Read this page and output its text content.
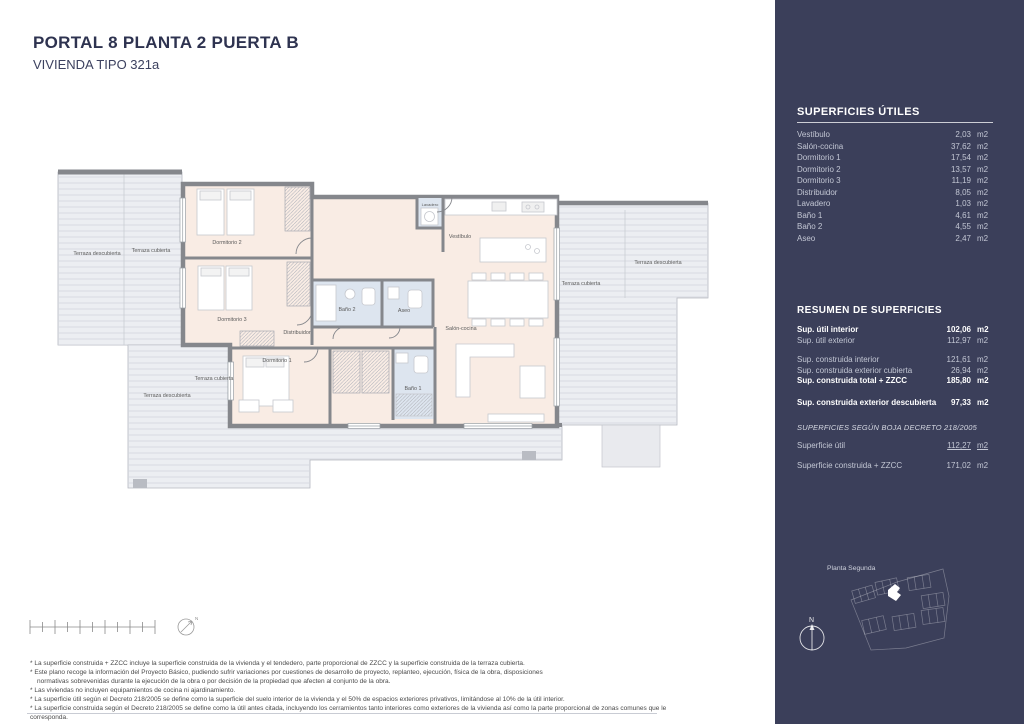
PORTAL 8 PLANTA 2 PUERTA B
VIVIENDA TIPO 321a
Terraza descubierta Terraza cubierta
Dormitorio 2
Dormitorio 3
Dormitorio 1
Distribuidor
Baño 2	Aseo
Lavadero
Vestíbulo
Salón-cocina
Baño 1
Terraza cubierta
Terraza descubierta
Terraza descubierta
Terraza cubierta
N
SUPERFICIES ÚTILES
Vestíbulo	2,03 m2
Salón-cocina	37,62 m2
Dormitorio 1	17,54 m2
Dormitorio 2	13,57 m2
Dormitorio 3	11,19 m2
Distribuidor	8,05 m2
Lavadero	1,03 m2
Baño 1	4,61 m2
Baño 2	4,55 m2
Aseo	2,47 m2
RESUMEN DE SUPERFICIES
Sup. útil interior	102,06 m2
Sup. útil exterior	112,97 m2
Sup. construida interior	121,61 m2
Sup. construida exterior cubierta	26,94 m2
Sup. construida total + ZZCC	185,80 m2
Sup. construida exterior descubierta	97,33 m2
SUPERFICIES SEGÚN BOJA DECRETO 218/2005
Superficie útil	112,27 m2
Superficie construida + ZZCC	171,02 m2
Planta Segunda
N
* La superficie construida + ZZCC incluye la superficie construida de la vivienda y el tendedero, parte proporcional de ZZCC y la superficie construida de la terraza cubierta.
* Este plano recoge la información del Proyecto Básico, pudiendo sufrir variaciones por cuestiones de desarrollo de proyecto, replanteo, ejecución, física de la obra, disposiciones
normativas sobrevenidas durante la ejecución de la obra o por decisión de la propiedad que afecten al conjunto de la obra.
* Las viviendas no incluyen equipamientos de cocina ni ajardinamiento.
* La superficie útil según el Decreto 218/2005 se define como la superficie del suelo interior de la vivienda y el 50% de espacios exteriores privativos, limitándose al 10% de la útil interior.
* La superficie construida según el Decreto 218/2005 se define como la útil antes citada, incluyendo los cerramientos tanto interiores como exteriores de la vivienda así como la parte proporcional de zonas comunes que le corresponda.
